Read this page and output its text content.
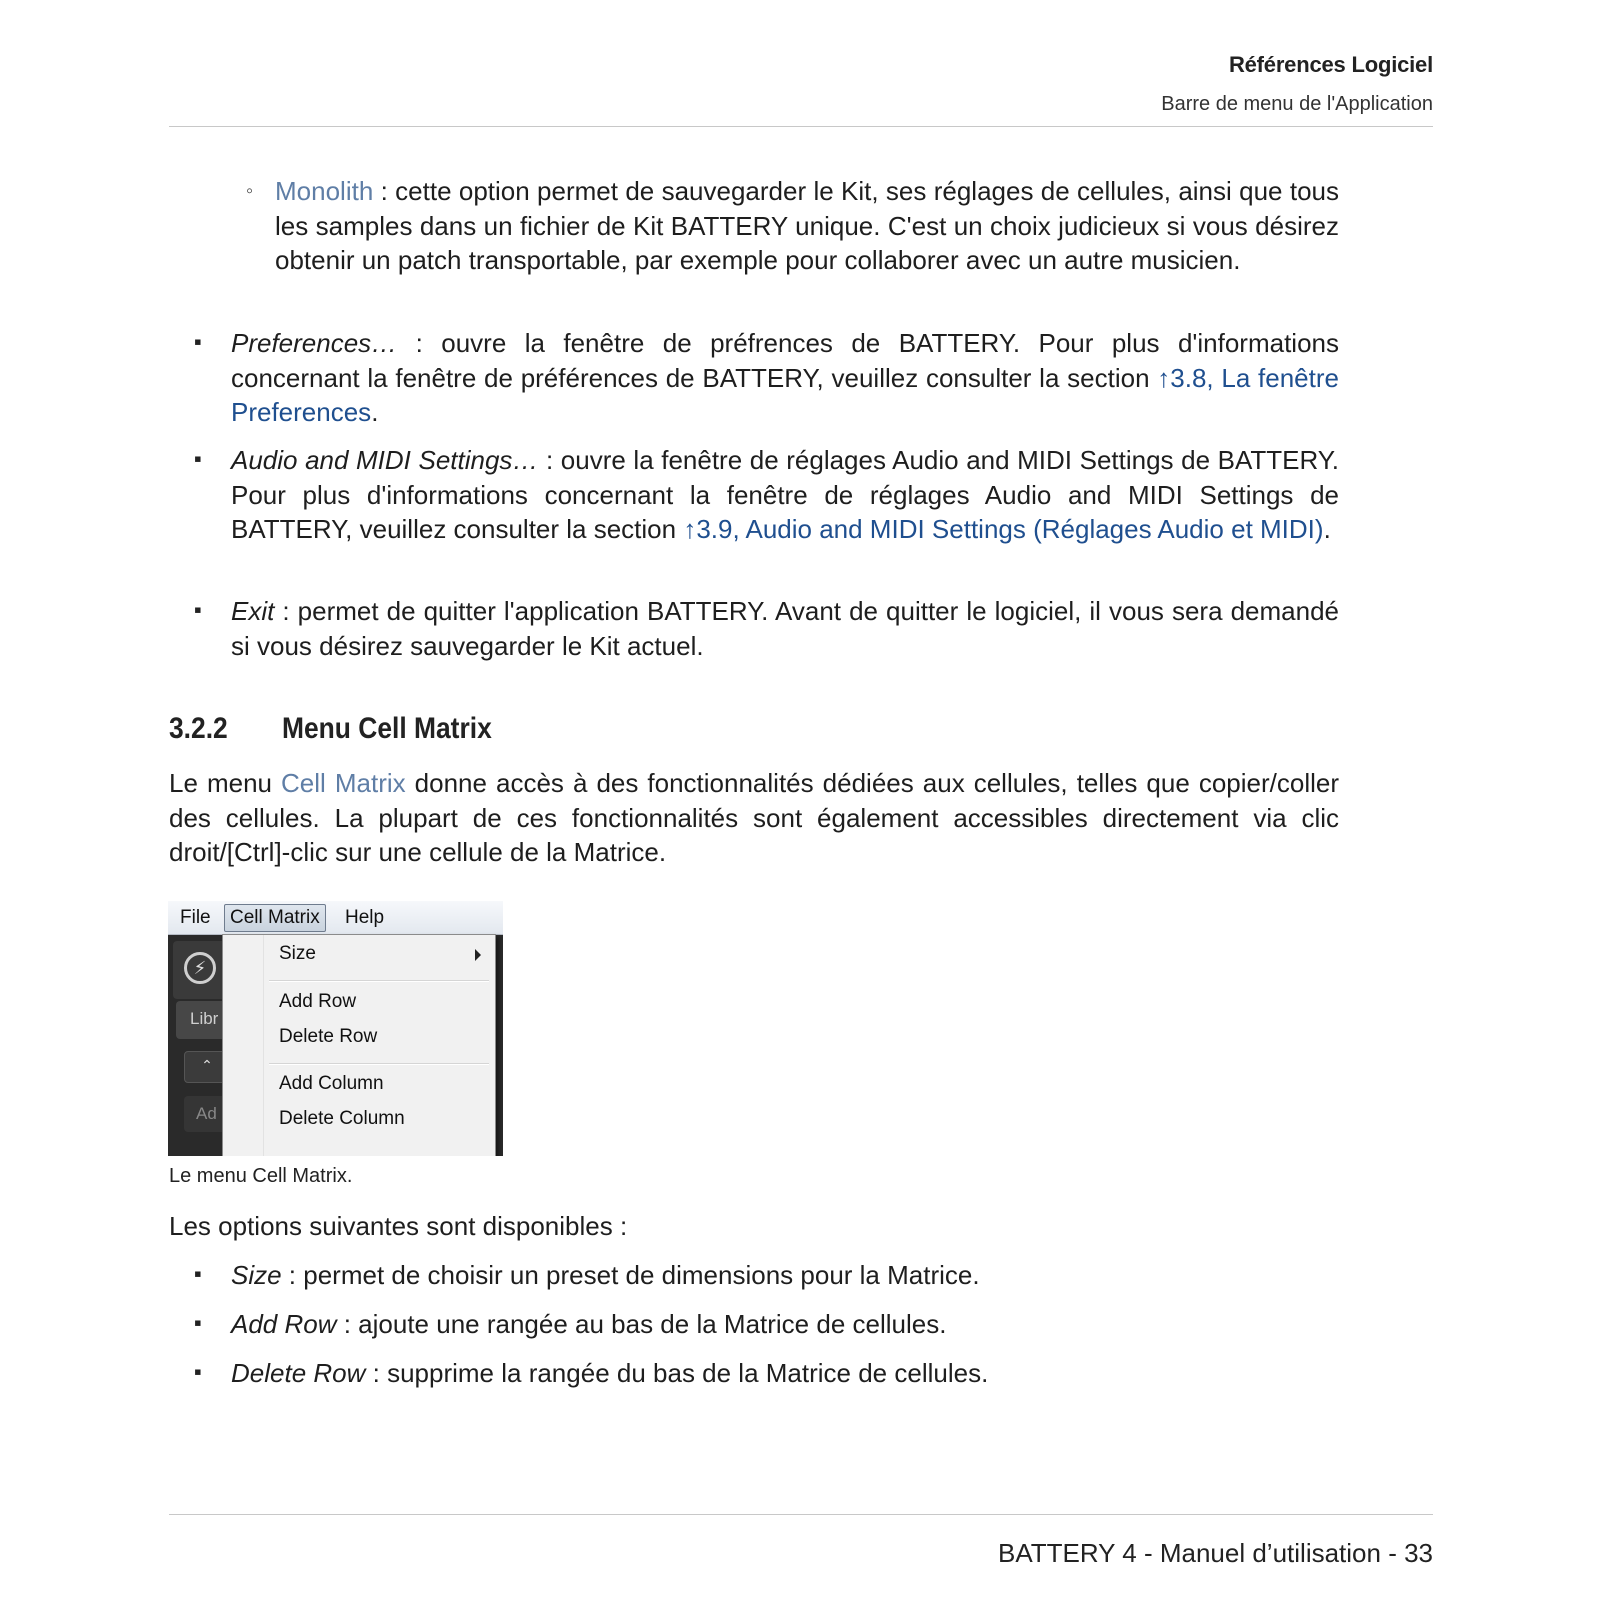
Références Logiciel
Barre de menu de l'Application
◦ Monolith : cette option permet de sauvegarder le Kit, ses réglages de cellules, ainsi que tous les samples dans un fichier de Kit BATTERY unique. C'est un choix judicieux si vous désirez obtenir un patch transportable, par exemple pour collaborer avec un autre musicien.
▪ Preferences… : ouvre la fenêtre de préfrences de BATTERY. Pour plus d'informations concernant la fenêtre de préférences de BATTERY, veuillez consulter la section ↑3.8, La fenêtre Preferences.
▪ Audio and MIDI Settings… : ouvre la fenêtre de réglages Audio and MIDI Settings de BATTERY. Pour plus d'informations concernant la fenêtre de réglages Audio and MIDI Settings de BATTERY, veuillez consulter la section ↑3.9, Audio and MIDI Settings (Réglages Audio et MIDI).
▪ Exit : permet de quitter l'application BATTERY. Avant de quitter le logiciel, il vous sera demandé si vous désirez sauvegarder le Kit actuel.
3.2.2 Menu Cell Matrix
Le menu Cell Matrix donne accès à des fonctionnalités dédiées aux cellules, telles que copier/coller des cellules. La plupart de ces fonctionnalités sont également accessibles directement via clic droit/[Ctrl]-clic sur une cellule de la Matrice.
⚡
Libr
⌃
Ad
File	Cell Matrix	Help
Size
Add Row
Delete Row
Add Column
Delete Column
Le menu Cell Matrix.
Les options suivantes sont disponibles :
▪ Size : permet de choisir un preset de dimensions pour la Matrice.
▪ Add Row : ajoute une rangée au bas de la Matrice de cellules.
▪ Delete Row : supprime la rangée du bas de la Matrice de cellules.
BATTERY 4 - Manuel d’utilisation - 33
